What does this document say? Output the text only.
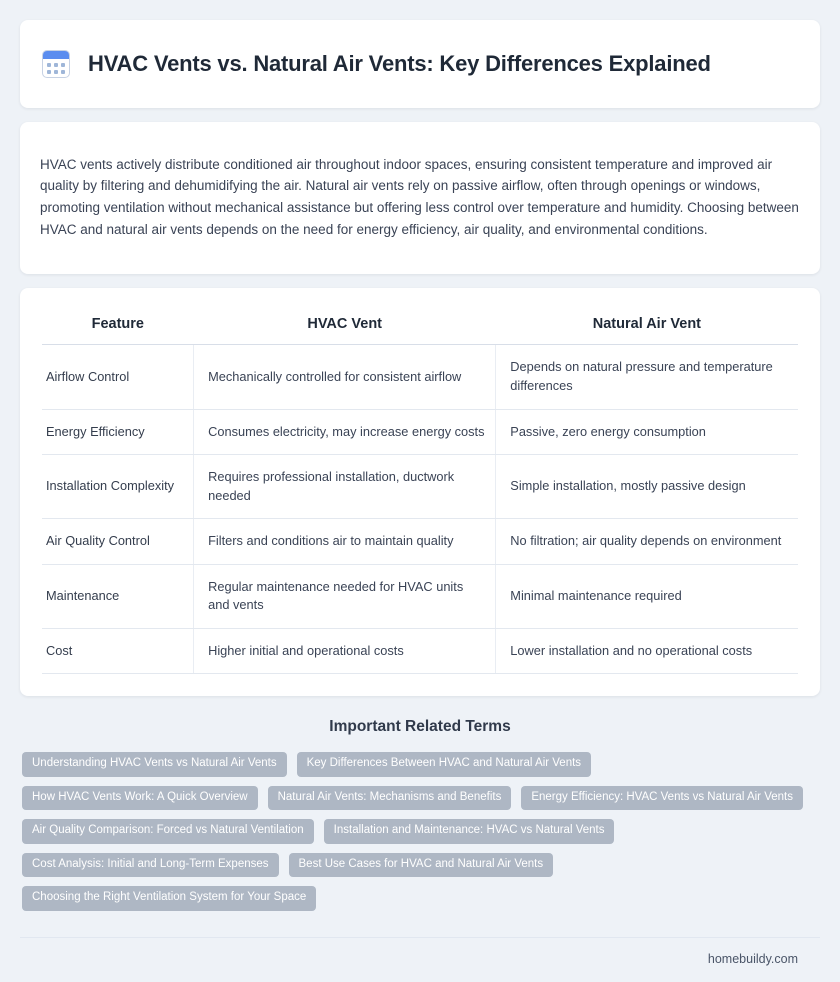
HVAC Vents vs. Natural Air Vents: Key Differences Explained

HVAC vents actively distribute conditioned air throughout indoor spaces, ensuring consistent temperature and improved air quality by filtering and dehumidifying the air. Natural air vents rely on passive airflow, often through openings or windows, promoting ventilation without mechanical assistance but offering less control over temperature and humidity. Choosing between HVAC and natural air vents depends on the need for energy efficiency, air quality, and environmental conditions.

Feature	HVAC Vent	Natural Air Vent
Airflow Control	Mechanically controlled for consistent airflow	Depends on natural pressure and temperature differences
Energy Efficiency	Consumes electricity, may increase energy costs	Passive, zero energy consumption
Installation Complexity	Requires professional installation, ductwork needed	Simple installation, mostly passive design
Air Quality Control	Filters and conditions air to maintain quality	No filtration; air quality depends on environment
Maintenance	Regular maintenance needed for HVAC units and vents	Minimal maintenance required
Cost	Higher initial and operational costs	Lower installation and no operational costs
Important Related Terms
Understanding HVAC Vents vs Natural Air Vents	Key Differences Between HVAC and Natural Air Vents
How HVAC Vents Work: A Quick Overview	Natural Air Vents: Mechanisms and Benefits	Energy Efficiency: HVAC Vents vs Natural Air Vents
Air Quality Comparison: Forced vs Natural Ventilation	Installation and Maintenance: HVAC vs Natural Vents
Cost Analysis: Initial and Long-Term Expenses	Best Use Cases for HVAC and Natural Air Vents
Choosing the Right Ventilation System for Your Space
homebuildy.com
